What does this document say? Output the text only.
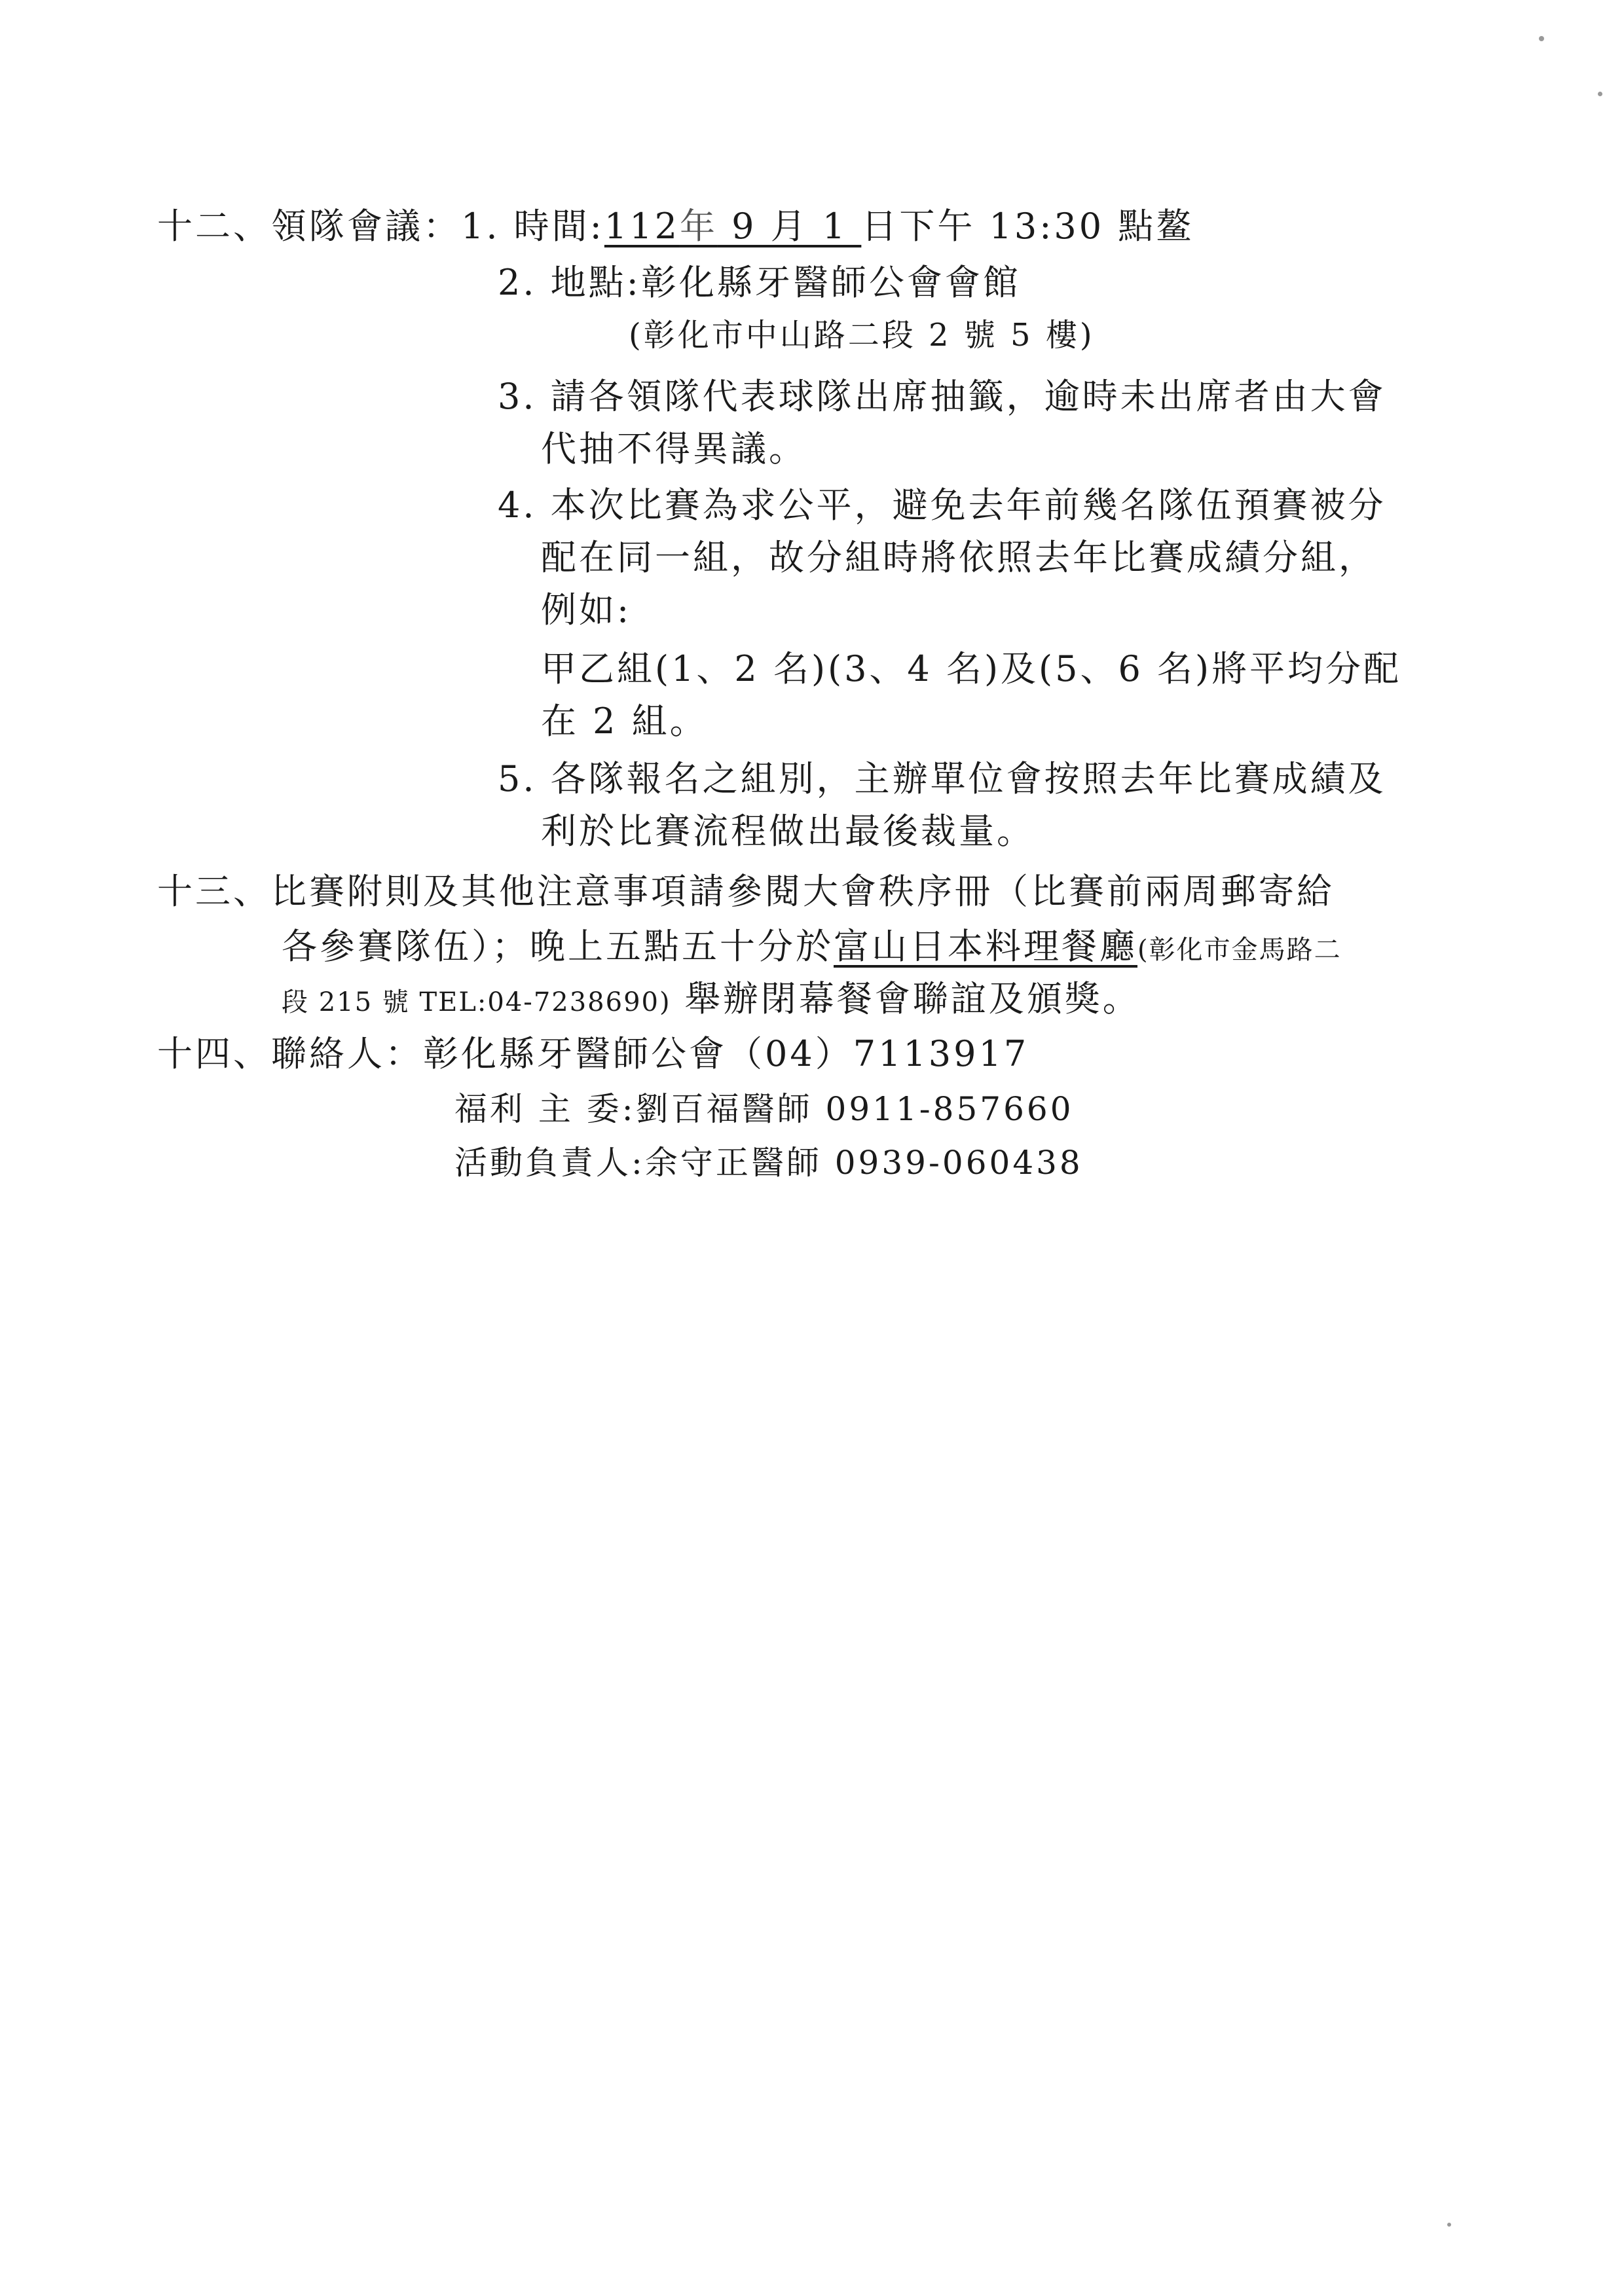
十二、領隊會議：1. 時間:112年 9 月 1 日下午 13:30 點鳌
2. 地點:彰化縣牙醫師公會會館
(彰化市中山路二段 2 號 5 樓)
3. 請各領隊代表球隊出席抽籤，逾時未出席者由大會
代抽不得異議。
4. 本次比賽為求公平，避免去年前幾名隊伍預賽被分
配在同一組，故分組時將依照去年比賽成績分組，
例如:
甲乙組(1、2 名)(3、4 名)及(5、6 名)將平均分配
在 2 組。
5. 各隊報名之組別，主辦單位會按照去年比賽成績及
利於比賽流程做出最後裁量。
十三、比賽附則及其他注意事項請參閱大會秩序冊（比賽前兩周郵寄給
各參賽隊伍）；晚上五點五十分於富山日本料理餐廳(彰化市金馬路二
段 215 號 TEL:04-7238690) 舉辦閉幕餐會聯誼及頒獎。
十四、聯絡人：彰化縣牙醫師公會（04）7113917
福利 主 委:劉百福醫師 0911-857660
活動負責人:余守正醫師 0939-060438
